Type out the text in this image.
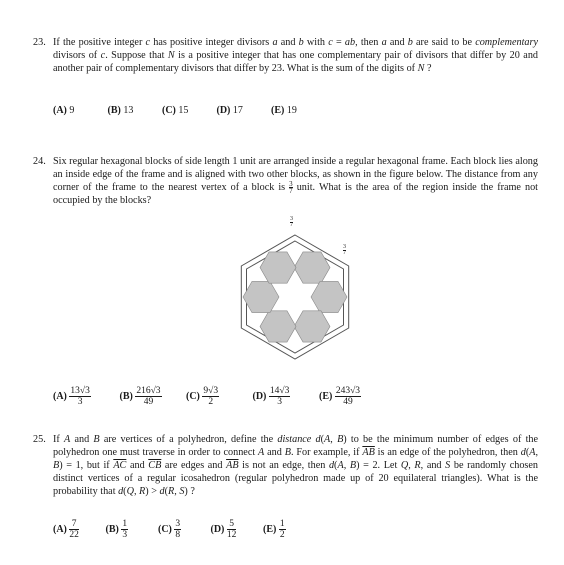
23. If the positive integer c has positive integer divisors a and b with c = ab, then a and b are said to be complementary divisors of c. Suppose that N is a positive integer that has one complementary pair of divisors that differ by 20 and another pair of complementary divisors that differ by 23. What is the sum of the digits of N ?

(A) 9	(B) 13	(C) 15	(D) 17	(E) 19
24. Six regular hexagonal blocks of side length 1 unit are arranged inside a regular hexagonal frame. Each block lies along an inside edge of the frame and is aligned with two other blocks, as shown in the figure below. The distance from any corner of the frame to the nearest vertex of a block is $\frac{3}{7}$ unit. What is the area of the region inside the frame not occupied by the blocks?

3
7
3
7
$(A) \frac{13√3}{3}$	$(B) \frac{216√3}{49} (C) \frac{9√3}{2}$	$(D) \frac{14√3}{3}$	$(E) \frac{243√3}{49}$
25. If A and B are vertices of a polyhedron, define the distance d(A, B) to be the minimum number of edges of the polyhedron one must traverse in order to connect A and B. For example, if $\overline{AB}$ is an edge of the polyhedron, then d(A, B) = 1, but if $\overline{AC}$ and $\overline{CB}$ are edges and $\overline{AB}$ is not an edge, then d(A, B) = 2. Let Q, R, and S be randomly chosen distinct vertices of a regular icosahedron (regular polyhedron made up of 20 equilateral triangles). What is the probability that d(Q, R) > d(R, S) ?

$(A) \frac{7}{22}$	$(B) \frac{1}{3}$	$(C) \frac{3}{8}$	$(D) \frac{5}{12}$	$(E) \frac{1}{2}$
